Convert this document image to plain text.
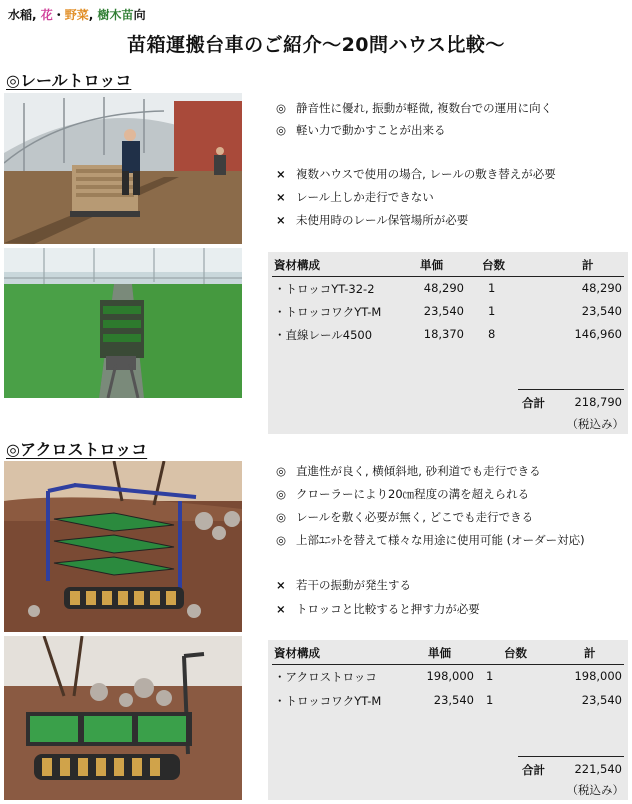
水稲, 花・野菜, 樹木苗向
苗箱運搬台車のご紹介～20問ハウス比較～
◎レールトロッコ
◎ 静音性に優れ, 振動が軽微, 複数台での運用に向く
◎ 軽い力で動かすことが出来る
× 複数ハウスで使用の場合, レールの敷き替えが必要
× レール上しか走行できない
× 未使用時のレール保管場所が必要
資材構成	単価	台数	計
・トロッコYT-32-2	48,290 1	48,290
・トロッコワクYT-M	23,540 1	23,540
・直線レール4500	18,370 8	146,960
合計	218,790
（税込み）
◎アクロストロッコ
◎ 直進性が良く, 横傾斜地, 砂利道でも走行できる
◎ クローラーにより20㎝程度の溝を超えられる
◎ レールを敷く必要が無く, どこでも走行できる
◎ 上部ﾕﾆｯﾄを替えて様々な用途に使用可能 (オーダー対応)
× 若干の振動が発生する
× トロッコと比較すると押す力が必要
資材構成	単価	台数	計
・アクロストロッコ	198,000 1	198,000
・トロッコワクYT-M	23,540 1	23,540
合計	221,540
（税込み）
